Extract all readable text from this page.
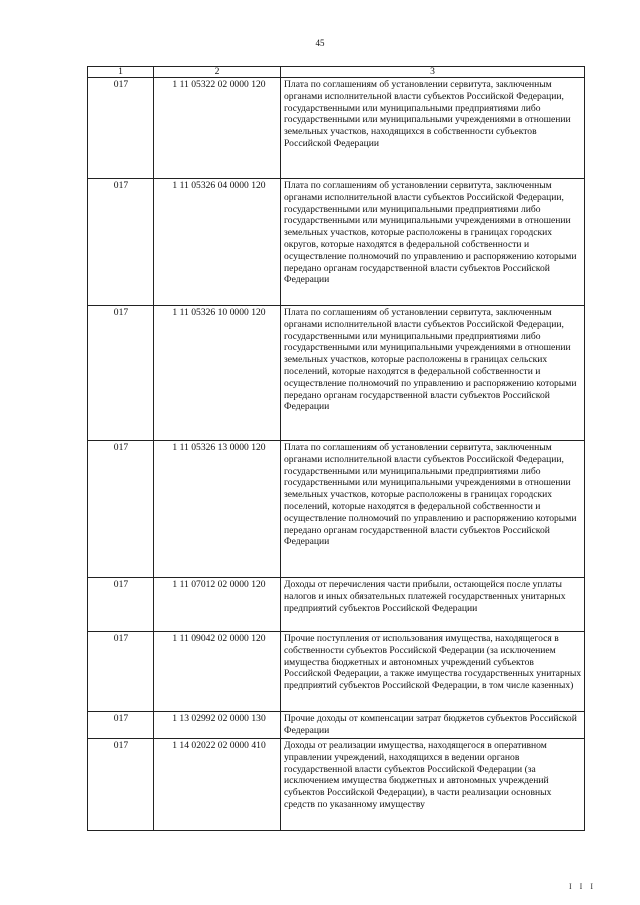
45
1	2	3
017	1 11 05322 02 0000 120	Плата по соглашениям об установлении сервитута, заключенным органами исполнительной власти субъектов Российской Федерации, государственными или муниципальными предприятиями либо государственными или муниципальными учреждениями в отношении земельных участков, находящихся в собственности субъектов Российской Федерации
017	1 11 05326 04 0000 120	Плата по соглашениям об установлении сервитута, заключенным органами исполнительной власти субъектов Российской Федерации, государственными или муниципальными предприятиями либо государственными или муниципальными учреждениями в отношении земельных участков, которые расположены в границах городских округов, которые находятся в федеральной собственности и осуществление полномочий по управлению и распоряжению которыми передано органам государственной власти субъектов Российской Федерации
017	1 11 05326 10 0000 120	Плата по соглашениям об установлении сервитута, заключенным органами исполнительной власти субъектов Российской Федерации, государственными или муниципальными предприятиями либо государственными или муниципальными учреждениями в отношении земельных участков, которые расположены в границах сельских поселений, которые находятся в федеральной собственности и осуществление полномочий по управлению и распоряжению которыми передано органам государственной власти субъектов Российской Федерации
017	1 11 05326 13 0000 120	Плата по соглашениям об установлении сервитута, заключенным органами исполнительной власти субъектов Российской Федерации, государственными или муниципальными предприятиями либо государственными или муниципальными учреждениями в отношении земельных участков, которые расположены в границах городских поселений, которые находятся в федеральной собственности и осуществление полномочий по управлению и распоряжению которыми передано органам государственной власти субъектов Российской Федерации
017	1 11 07012 02 0000 120	Доходы от перечисления части прибыли, остающейся после уплаты налогов и иных обязательных платежей государственных унитарных предприятий субъектов Российской Федерации
017	1 11 09042 02 0000 120	Прочие поступления от использования имущества, находящегося в собственности субъектов Российской Федерации (за исключением имущества бюджетных и автономных учреждений субъектов Российской Федерации, а также имущества государственных унитарных предприятий субъектов Российской Федерации, в том числе казенных)
017	1 13 02992 02 0000 130	Прочие доходы от компенсации затрат бюджетов субъектов Российской Федерации
017	1 14 02022 02 0000 410	Доходы от реализации имущества, находящегося в оперативном управлении учреждений, находящихся в ведении органов государственной власти субъектов Российской Федерации (за исключением имущества бюджетных и автономных учреждений субъектов Российской Федерации), в части реализации основных средств по указанному имуществу
I I I
